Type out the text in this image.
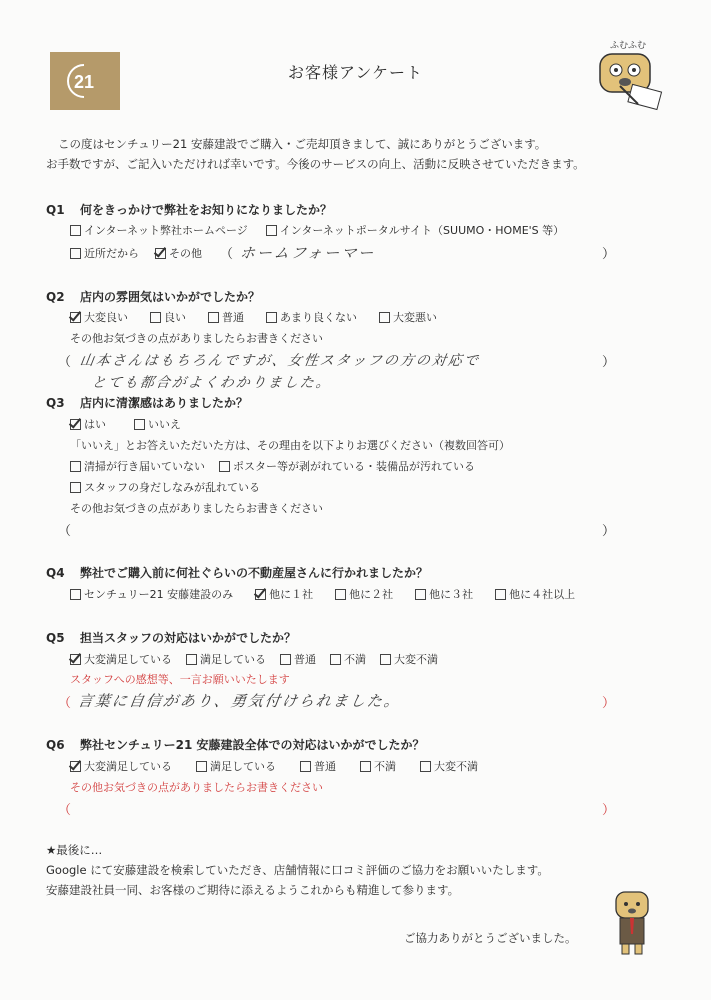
21	お客様アンケート
ふむふむ
この度はセンチュリー21 安藤建設でご購入・ご売却頂きまして、誠にありがとうございます。
お手数ですが、ご記入いただければ幸いです。今後のサービスの向上、活動に反映させていただきます。
Q1 何をきっかけで弊社をお知りになりましたか？
インターネット弊社ホームページ	インターネットポータルサイト（SUUMO・HOME'S 等）
近所だから	その他 （ ホームフォーマー	）
Q2 店内の雰囲気はいかがでしたか？
大変良い	良い	普通	あまり良くない	大変悪い
その他お気づきの点がありましたらお書きください
（ 山本さんはもちろんですが、女性スタッフの方の対応で
とても都合がよくわかりました。
）
Q3 店内に清潔感はありましたか？
はい	いいえ
「いいえ」とお答えいただいた方は、その理由を以下よりお選びください（複数回答可）
清掃が行き届いていない	ポスター等が剥がれている・装備品が汚れている
スタッフの身だしなみが乱れている
その他お気づきの点がありましたらお書きください
（	）
Q4 弊社でご購入前に何社ぐらいの不動産屋さんに行かれましたか？
センチュリー21 安藤建設のみ	他に１社	他に２社	他に３社	他に４社以上
Q5 担当スタッフの対応はいかがでしたか？
大変満足している	満足している	普通	不満	大変不満
スタッフへの感想等、一言お願いいたします
（ 言葉に自信があり、勇気付けられました。	）
Q6 弊社センチュリー21 安藤建設全体での対応はいかがでしたか？
大変満足している	満足している	普通	不満	大変不満
その他お気づきの点がありましたらお書きください
（	）
★最後に…
Google にて安藤建設を検索していただき、店舗情報に口コミ評価のご協力をお願いいたします。
安藤建設社員一同、お客様のご期待に添えるようこれからも精進して参ります。
ご協力ありがとうございました。
